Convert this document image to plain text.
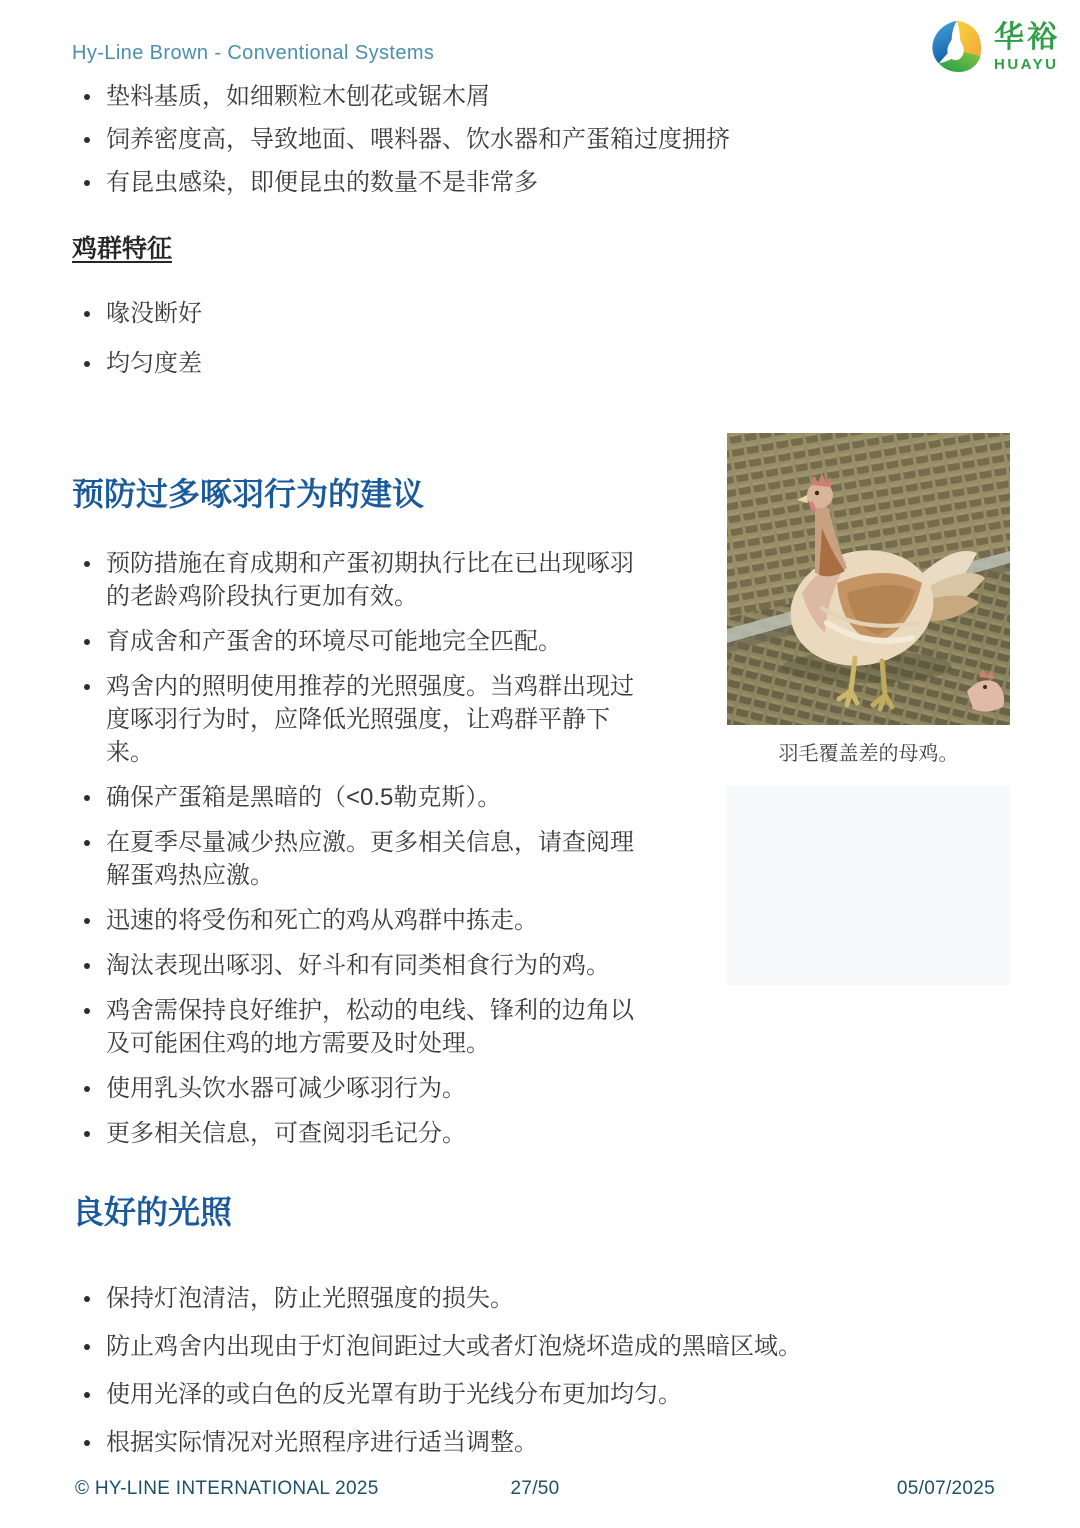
Hy-Line Brown - Conventional Systems	华裕
HUAYU
垫料基质，如细颗粒木刨花或锯木屑
饲养密度高，导致地面、喂料器、饮水器和产蛋箱过度拥挤
有昆虫感染，即便昆虫的数量不是非常多
鸡群特征
喙没断好
均匀度差
预防过多啄羽行为的建议
预防措施在育成期和产蛋初期执行比在已出现啄羽的老龄鸡阶段执行更加有效。
育成舍和产蛋舍的环境尽可能地完全匹配。
鸡舍内的照明使用推荐的光照强度。当鸡群出现过度啄羽行为时，应降低光照强度，让鸡群平静下来。
确保产蛋箱是黑暗的（<0.5勒克斯）。
在夏季尽量减少热应激。更多相关信息，请查阅理解蛋鸡热应激。
迅速的将受伤和死亡的鸡从鸡群中拣走。
淘汰表现出啄羽、好斗和有同类相食行为的鸡。
鸡舍需保持良好维护，松动的电线、锋利的边角以及可能困住鸡的地方需要及时处理。
使用乳头饮水器可减少啄羽行为。
更多相关信息，可查阅羽毛记分。
良好的光照
保持灯泡清洁，防止光照强度的损失。
防止鸡舍内出现由于灯泡间距过大或者灯泡烧坏造成的黑暗区域。
使用光泽的或白色的反光罩有助于光线分布更加均匀。
根据实际情况对光照程序进行适当调整。
羽毛覆盖差的母鸡。
27/50
© HY-LINE INTERNATIONAL 2025	05/07/2025
